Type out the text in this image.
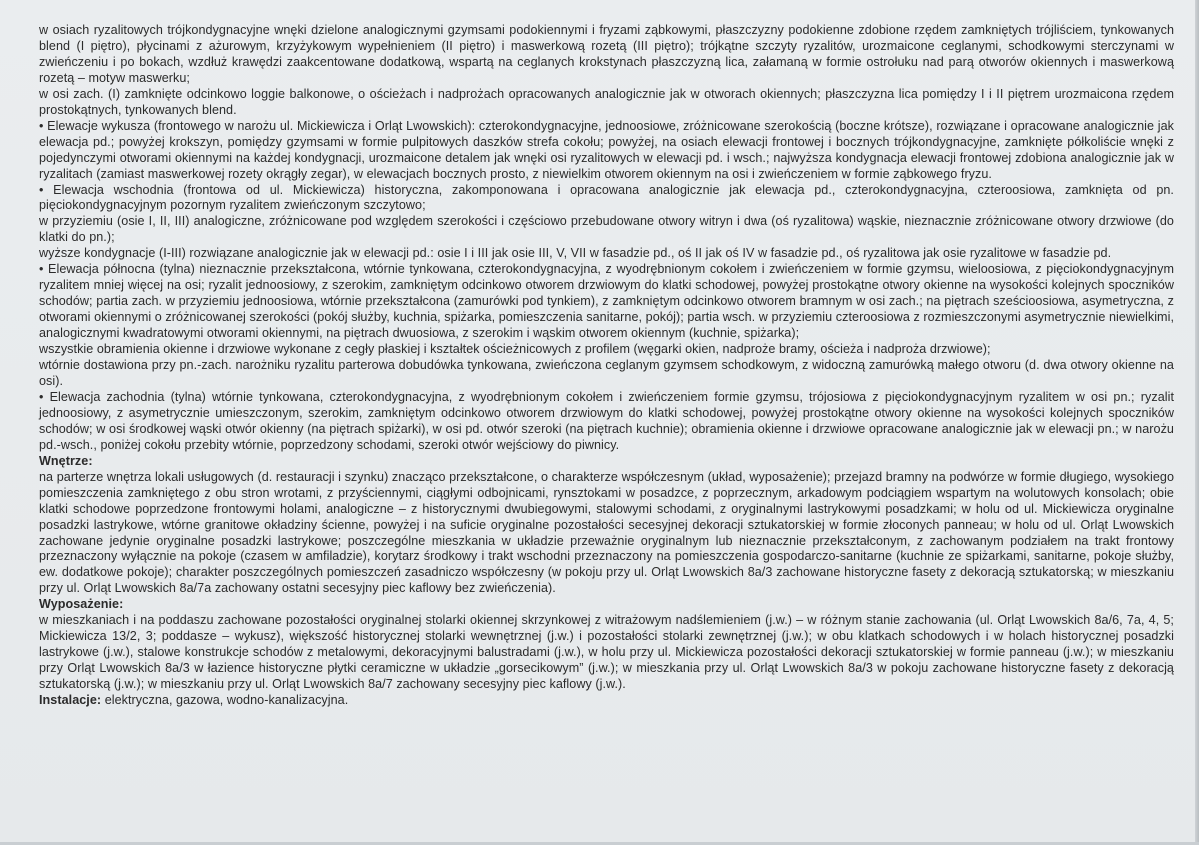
w osiach ryzalitowych trójkondygnacyjne wnęki dzielone analogicznymi gzymsami podokiennymi i fryzami ząbkowymi, płaszczyzny podokienne zdobione rzędem zamkniętych trójliściem, tynkowanych blend (I piętro), płycinami z ażurowym, krzyżykowym wypełnieniem (II piętro) i maswerkową rozetą (III piętro); trójkątne szczyty ryzalitów, urozmaicone ceglanymi, schodkowymi sterczynami w zwieńczeniu i po bokach, wzdłuż krawędzi zaakcentowane dodatkową, wspartą na ceglanych krokstynach płaszczyzną lica, załamaną w formie ostrołuku nad parą otworów okiennych i maswerkową rozetą – motyw maswerku;

w osi zach. (I) zamknięte odcinkowo loggie balkonowe, o ościeżach i nadprożach opracowanych analogicznie jak w otworach okiennych; płaszczyzna lica pomiędzy I i II piętrem urozmaicona rzędem prostokątnych, tynkowanych blend.

• Elewacje wykusza (frontowego w narożu ul. Mickiewicza i Orląt Lwowskich): czterokondygnacyjne, jednoosiowe, zróżnicowane szerokością (boczne krótsze), rozwiązane i opracowane analogicznie jak elewacja pd.; powyżej krokszyn, pomiędzy gzymsami w formie pulpitowych daszków strefa cokołu; powyżej, na osiach elewacji frontowej i bocznych trójkondygnacyjne, zamknięte półkoliście wnęki z pojedynczymi otworami okiennymi na każdej kondygnacji, urozmaicone detalem jak wnęki osi ryzalitowych w elewacji pd. i wsch.; najwyższa kondygnacja elewacji frontowej zdobiona analogicznie jak w ryzalitach (zamiast maswerkowej rozety okrągły zegar), w elewacjach bocznych prosto, z niewielkim otworem okiennym na osi i zwieńczeniem w formie ząbkowego fryzu.

• Elewacja wschodnia (frontowa od ul. Mickiewicza) historyczna, zakomponowana i opracowana analogicznie jak elewacja pd., czterokondygnacyjna, czteroosiowa, zamknięta od pn. pięciokondygnacyjnym pozornym ryzalitem zwieńczonym szczytowo;

w przyziemiu (osie I, II, III) analogiczne, zróżnicowane pod względem szerokości i częściowo przebudowane otwory witryn i dwa (oś ryzalitowa) wąskie, nieznacznie zróżnicowane otwory drzwiowe (do klatki do pn.);

wyższe kondygnacje (I-III) rozwiązane analogicznie jak w elewacji pd.: osie I i III jak osie III, V, VII w fasadzie pd., oś II jak oś IV w fasadzie pd., oś ryzalitowa jak osie ryzalitowe w fasadzie pd.

• Elewacja północna (tylna) nieznacznie przekształcona, wtórnie tynkowana, czterokondygnacyjna, z wyodrębnionym cokołem i zwieńczeniem w formie gzymsu, wieloosiowa, z pięciokondygnacyjnym ryzalitem mniej więcej na osi; ryzalit jednoosiowy, z szerokim, zamkniętym odcinkowo otworem drzwiowym do klatki schodowej, powyżej prostokątne otwory okienne na wysokości kolejnych spoczników schodów; partia zach. w przyziemiu jednoosiowa, wtórnie przekształcona (zamurówki pod tynkiem), z zamkniętym odcinkowo otworem bramnym w osi zach.; na piętrach sześcioosiowa, asymetryczna, z otworami okiennymi o zróżnicowanej szerokości (pokój służby, kuchnia, spiżarka, pomieszczenia sanitarne, pokój); partia wsch. w przyziemiu czteroosiowa z rozmieszczonymi asymetrycznie niewielkimi, analogicznymi kwadratowymi otworami okiennymi, na piętrach dwuosiowa, z szerokim i wąskim otworem okiennym (kuchnie, spiżarka);

wszystkie obramienia okienne i drzwiowe wykonane z cegły płaskiej i kształtek ościeżnicowych z profilem (węgarki okien, nadproże bramy, ościeża i nadproża drzwiowe);

wtórnie dostawiona przy pn.-zach. narożniku ryzalitu parterowa dobudówka tynkowana, zwieńczona ceglanym gzymsem schodkowym, z widoczną zamurówką małego otworu (d. dwa otwory okienne na osi).

• Elewacja zachodnia (tylna) wtórnie tynkowana, czterokondygnacyjna, z wyodrębnionym cokołem i zwieńczeniem formie gzymsu, trójosiowa z pięciokondygnacyjnym ryzalitem w osi pn.; ryzalit jednoosiowy, z asymetrycznie umieszczonym, szerokim, zamkniętym odcinkowo otworem drzwiowym do klatki schodowej, powyżej prostokątne otwory okienne na wysokości kolejnych spoczników schodów; w osi środkowej wąski otwór okienny (na piętrach spiżarki), w osi pd. otwór szeroki (na piętrach kuchnie); obramienia okienne i drzwiowe opracowane analogicznie jak w elewacji pn.; w narożu pd.-wsch., poniżej cokołu przebity wtórnie, poprzedzony schodami, szeroki otwór wejściowy do piwnicy.

Wnętrze:

na parterze wnętrza lokali usługowych (d. restauracji i szynku) znacząco przekształcone, o charakterze współczesnym (układ, wyposażenie); przejazd bramny na podwórze w formie długiego, wysokiego pomieszczenia zamkniętego z obu stron wrotami, z przyściennymi, ciągłymi odbojnicami, rynsztokami w posadzce, z poprzecznym, arkadowym podciągiem wspartym na wolutowych konsolach; obie klatki schodowe poprzedzone frontowymi holami, analogiczne – z historycznymi dwubiegowymi, stalowymi schodami, z oryginalnymi lastrykowymi posadzkami; w holu od ul. Mickiewicza oryginalne posadzki lastrykowe, wtórne granitowe okładziny ścienne, powyżej i na suficie oryginalne pozostałości secesyjnej dekoracji sztukatorskiej w formie złoconych panneau; w holu od ul. Orląt Lwowskich zachowane jedynie oryginalne posadzki lastrykowe; poszczególne mieszkania w układzie przeważnie oryginalnym lub nieznacznie przekształconym, z zachowanym podziałem na trakt frontowy przeznaczony wyłącznie na pokoje (czasem w amfiladzie), korytarz środkowy i trakt wschodni przeznaczony na pomieszczenia gospodarczo-sanitarne (kuchnie ze spiżarkami, sanitarne, pokoje służby, ew. dodatkowe pokoje); charakter poszczególnych pomieszczeń zasadniczo współczesny (w pokoju przy ul. Orląt Lwowskich 8a/3 zachowane historyczne fasety z dekoracją sztukatorską; w mieszkaniu przy ul. Orląt Lwowskich 8a/7a zachowany ostatni secesyjny piec kaflowy bez zwieńczenia).

Wyposażenie:

w mieszkaniach i na poddaszu zachowane pozostałości oryginalnej stolarki okiennej skrzynkowej z witrażowym nadślemieniem (j.w.) – w różnym stanie zachowania (ul. Orląt Lwowskich 8a/6, 7a, 4, 5; Mickiewicza 13/2, 3; poddasze – wykusz), większość historycznej stolarki wewnętrznej (j.w.) i pozostałości stolarki zewnętrznej (j.w.); w obu klatkach schodowych i w holach historycznej posadzki lastrykowe (j.w.), stalowe konstrukcje schodów z metalowymi, dekoracyjnymi balustradami (j.w.), w holu przy ul. Mickiewicza pozostałości dekoracji sztukatorskiej w formie panneau (j.w.); w mieszkaniu przy Orląt Lwowskich 8a/3 w łazience historyczne płytki ceramiczne w układzie „gorsecikowym” (j.w.); w mieszkania przy ul. Orląt Lwowskich 8a/3 w pokoju zachowane historyczne fasety z dekoracją sztukatorską (j.w.); w mieszkaniu przy ul. Orląt Lwowskich 8a/7 zachowany secesyjny piec kaflowy (j.w.).

Instalacje: elektryczna, gazowa, wodno-kanalizacyjna.
